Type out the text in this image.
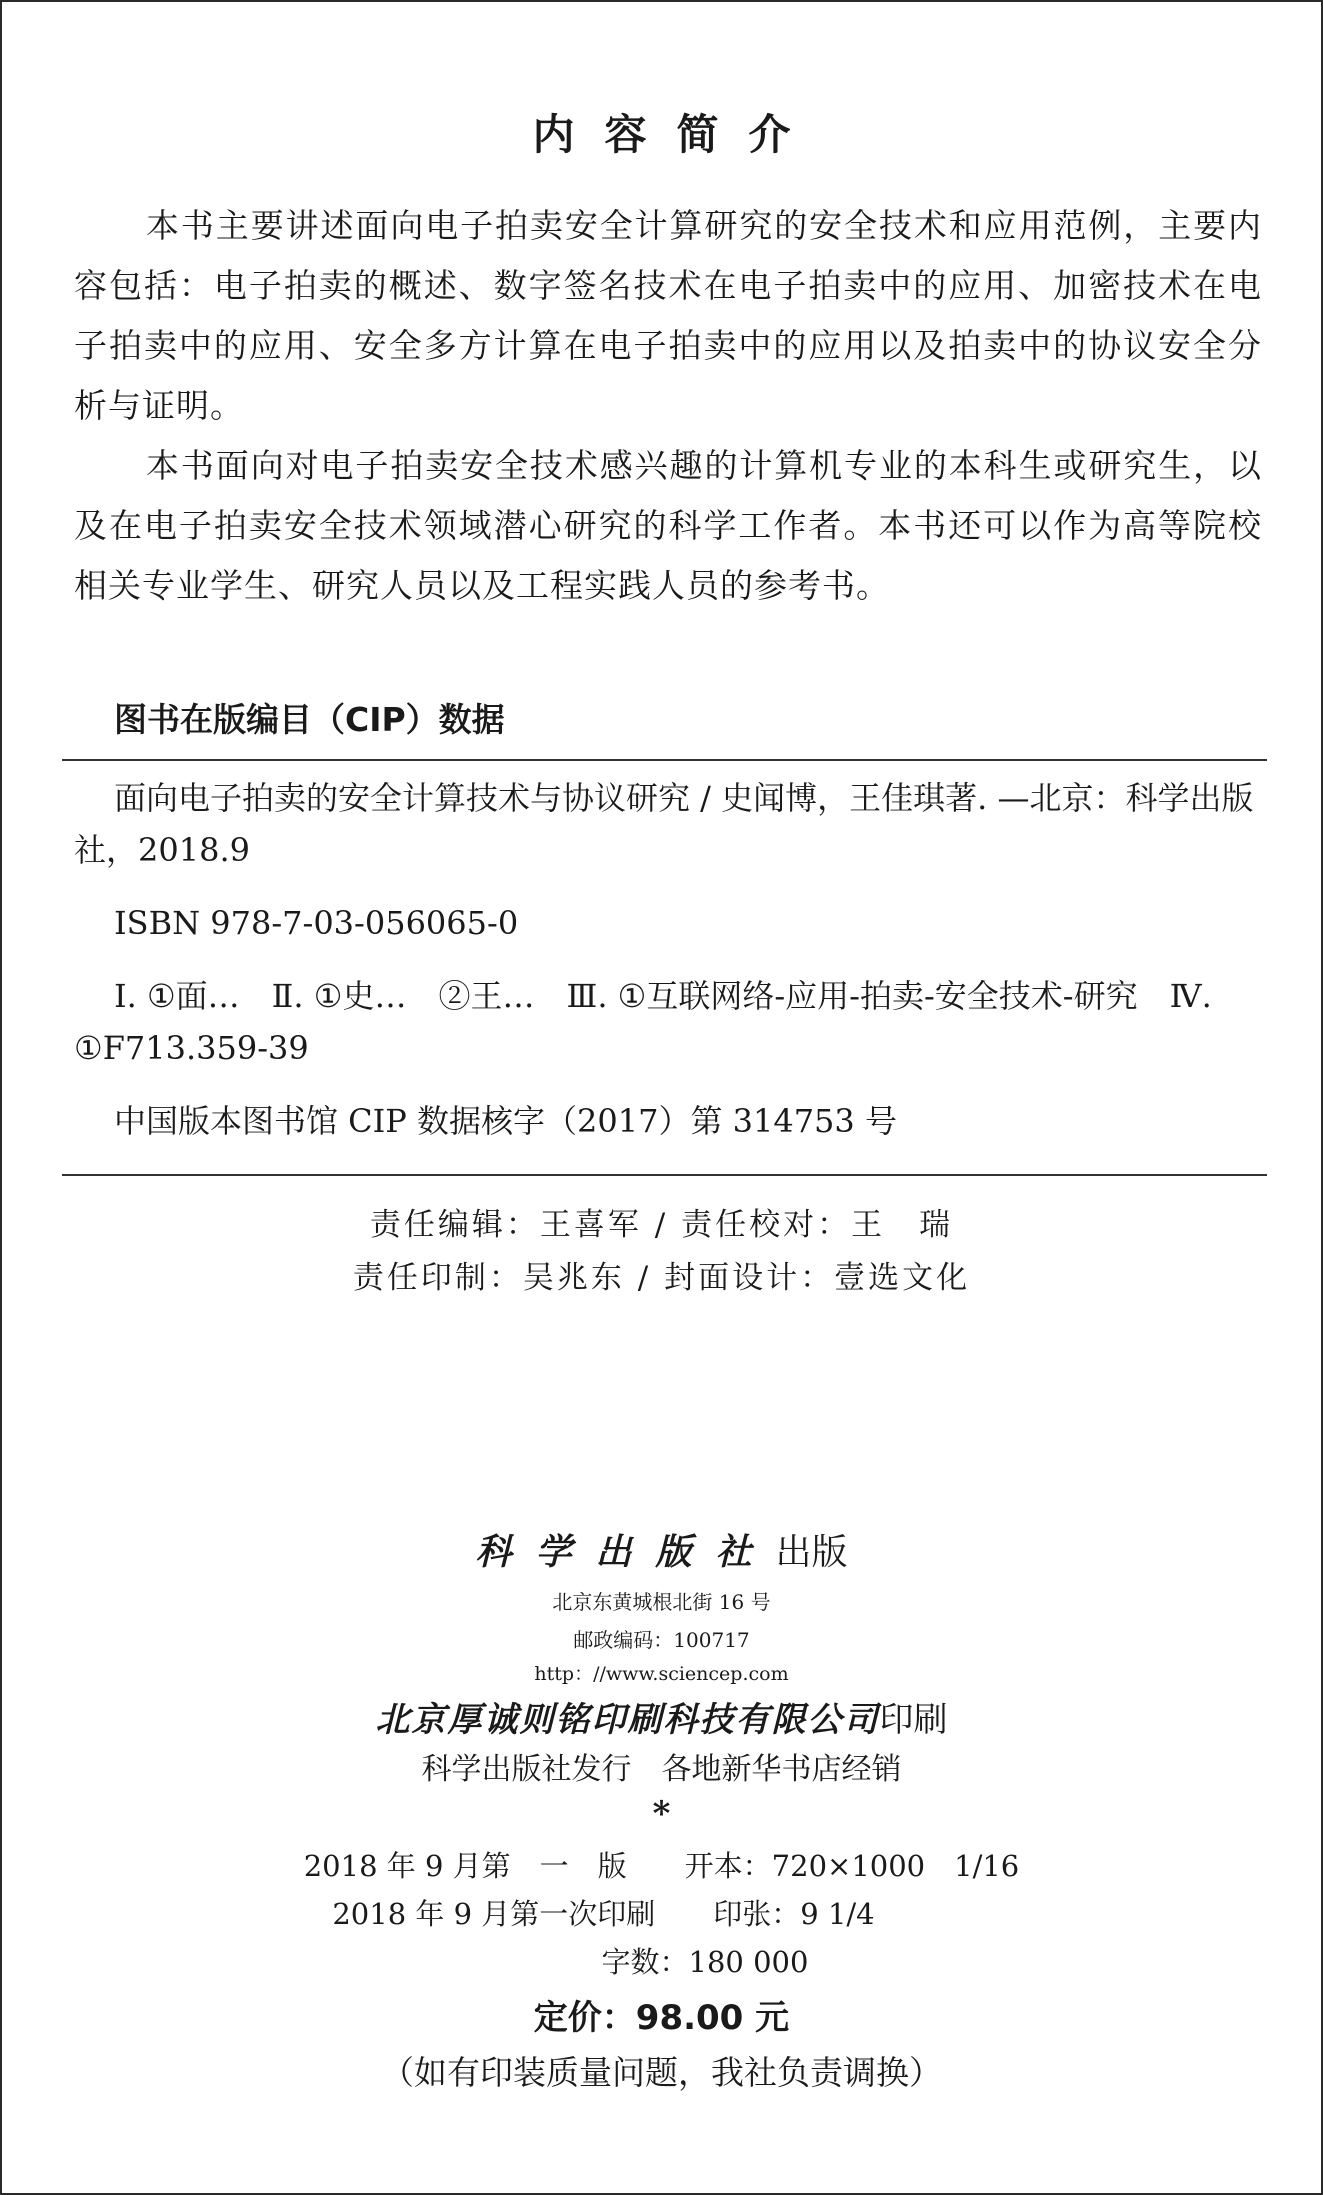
内容简介

本书主要讲述面向电子拍卖安全计算研究的安全技术和应用范例，主要内容包括：电子拍卖的概述、数字签名技术在电子拍卖中的应用、加密技术在电子拍卖中的应用、安全多方计算在电子拍卖中的应用以及拍卖中的协议安全分析与证明。

本书面向对电子拍卖安全技术感兴趣的计算机专业的本科生或研究生，以及在电子拍卖安全技术领域潜心研究的科学工作者。本书还可以作为高等院校相关专业学生、研究人员以及工程实践人员的参考书。

图书在版编目（CIP）数据

面向电子拍卖的安全计算技术与协议研究 / 史闻博，王佳琪著. —北京：科学出版社，2018.9

ISBN 978-7-03-056065-0

Ⅰ. ①面…　Ⅱ. ①史…　②王…　Ⅲ. ①互联网络-应用-拍卖-安全技术-研究　Ⅳ. ①F713.359-39

中国版本图书馆 CIP 数据核字（2017）第 314753 号

责任编辑：王喜军 / 责任校对：王　瑞
责任印制：吴兆东 / 封面设计：壹选文化
科学出版社出版
北京东黄城根北街 16 号
邮政编码：100717
http：//www.sciencep.com
北京厚诚则铭印刷科技有限公司印刷
科学出版社发行　各地新华书店经销
*
2018 年 9 月第　一　版　　 开本：720×1000　1/16
2018 年 9 月第一次印刷　　 印张：9 1/4　　　　
　　　字数：180 000
定价：98.00 元
（如有印装质量问题，我社负责调换）
